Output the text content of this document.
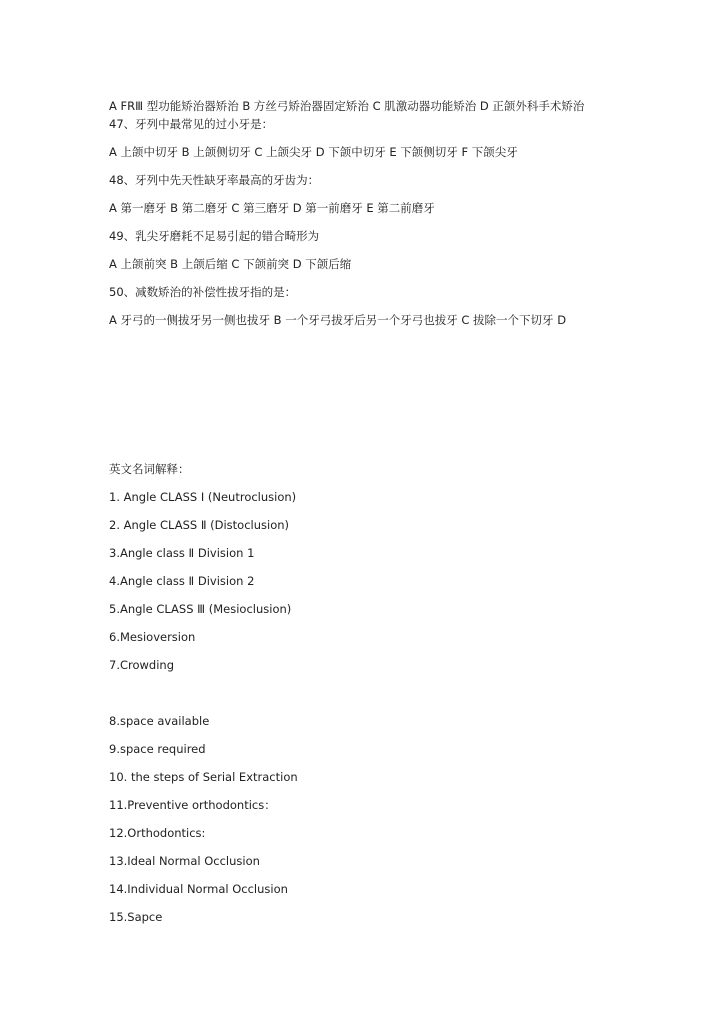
A FRⅢ 型功能矫治器矫治 B 方丝弓矫治器固定矫治 C 肌激动器功能矫治 D 正颌外科手术矫治
47、牙列中最常见的过小牙是：
A 上颌中切牙 B 上颌侧切牙 C 上颌尖牙 D 下颌中切牙 E 下颌侧切牙 F 下颌尖牙
48、牙列中先天性缺牙率最高的牙齿为：
A 第一磨牙 B 第二磨牙 C 第三磨牙 D 第一前磨牙 E 第二前磨牙
49、乳尖牙磨耗不足易引起的错合畸形为
A 上颌前突 B 上颌后缩 C 下颌前突 D 下颌后缩
50、减数矫治的补偿性拔牙指的是：
A 牙弓的一侧拔牙另一侧也拔牙 B 一个牙弓拔牙后另一个牙弓也拔牙 C 拔除一个下切牙 D
英文名词解释：
1. Angle CLASS Ⅰ (Neutroclusion)
2. Angle CLASS Ⅱ (Distoclusion)
3.Angle class Ⅱ Division 1
4.Angle class Ⅱ Division 2
5.Angle CLASS Ⅲ (Mesioclusion)
6.Mesioversion
7.Crowding
8.space available
9.space required
10. the steps of Serial Extraction
11.Preventive orthodontics：
12.Orthodontics:
13.Ideal Normal Occlusion
14.Individual Normal Occlusion
15.Sapce
